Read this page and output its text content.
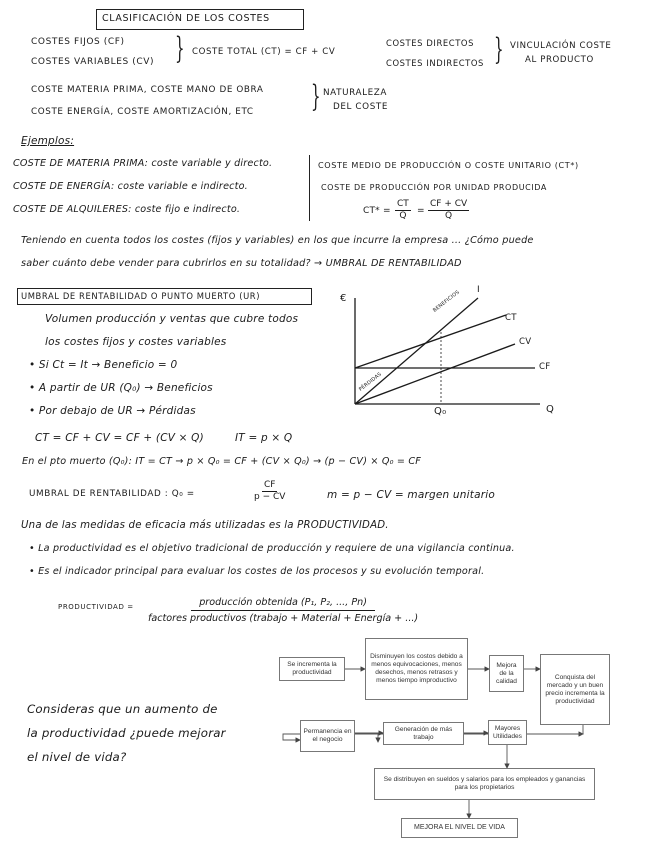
CLASIFICACIÓN DE LOS COSTES
COSTES FIJOS (CF)
COSTES VARIABLES (CV) } COSTE TOTAL (CT) = CF + CV
COSTES DIRECTOS
COSTES INDIRECTOS } VINCULACIÓN COSTE
AL PRODUCTO
COSTE MATERIA PRIMA, COSTE MANO DE OBRA
COSTE ENERGÍA, COSTE AMORTIZACIÓN, ETC } NATURALEZA
DEL COSTE
Ejemplos:
COSTE DE MATERIA PRIMA: coste variable y directo.
COSTE DE ENERGÍA: coste variable e indirecto.
COSTE DE ALQUILERES: coste fijo e indirecto.
COSTE MEDIO DE PRODUCCIÓN O COSTE UNITARIO (CT*)
COSTE DE PRODUCCIÓN POR UNIDAD PRODUCIDA
$CT* = \frac{CT}{Q} = \frac{CF + CV}{Q}$
Teniendo en cuenta todos los costes (fijos y variables) en los que incurre la empresa ... ¿Cómo puede
saber cuánto debe vender para cubrirlos en su totalidad? → UMBRAL DE RENTABILIDAD
UMBRAL DE RENTABILIDAD O PUNTO MUERTO (UR)
Volumen producción y ventas que cubre todos
los costes fijos y costes variables
• Si Ct = It → Beneficio = 0
• A partir de UR (Q₀) → Beneficios
• Por debajo de UR → Pérdidas
CT = CF + CV = CF + (CV × Q)	IT = p × Q
En el pto muerto (Q₀): IT = CT → p × Q₀ = CF + (CV × Q₀) → (p − CV) × Q₀ = CF
UMBRAL DE RENTABILIDAD : Q₀ =	$\frac{CF}{p - CV}$	m = p − CV = margen unitario
€
Q
Q₀
I
CT
CV
CF
BENEFICIOS
PÉRDIDAS
Una de las medidas de eficacia más utilizadas es la PRODUCTIVIDAD.
• La productividad es el objetivo tradicional de producción y requiere de una vigilancia continua.
• Es el indicador principal para evaluar los costes de los procesos y su evolución temporal.
PRODUCTIVIDAD =	producción obtenida (P₁, P₂, ..., Pn)
factores productivos (trabajo + Material + Energía + ...)
Consideras que un aumento de
la productividad ¿puede mejorar
el nivel de vida?
Se incrementa la productividad
Disminuyen los costos debido a menos equivocaciones, menos desechos, menos retrasos y menos tiempo improductivo
Mejora de la calidad
Conquista del mercado y un buen precio incrementa la productividad
Permanencia en el negocio
Generación de más trabajo
Mayores Utilidades
Se distribuyen en sueldos y salarios para los empleados y ganancias para los propietarios
MEJORA EL NIVEL DE VIDA
